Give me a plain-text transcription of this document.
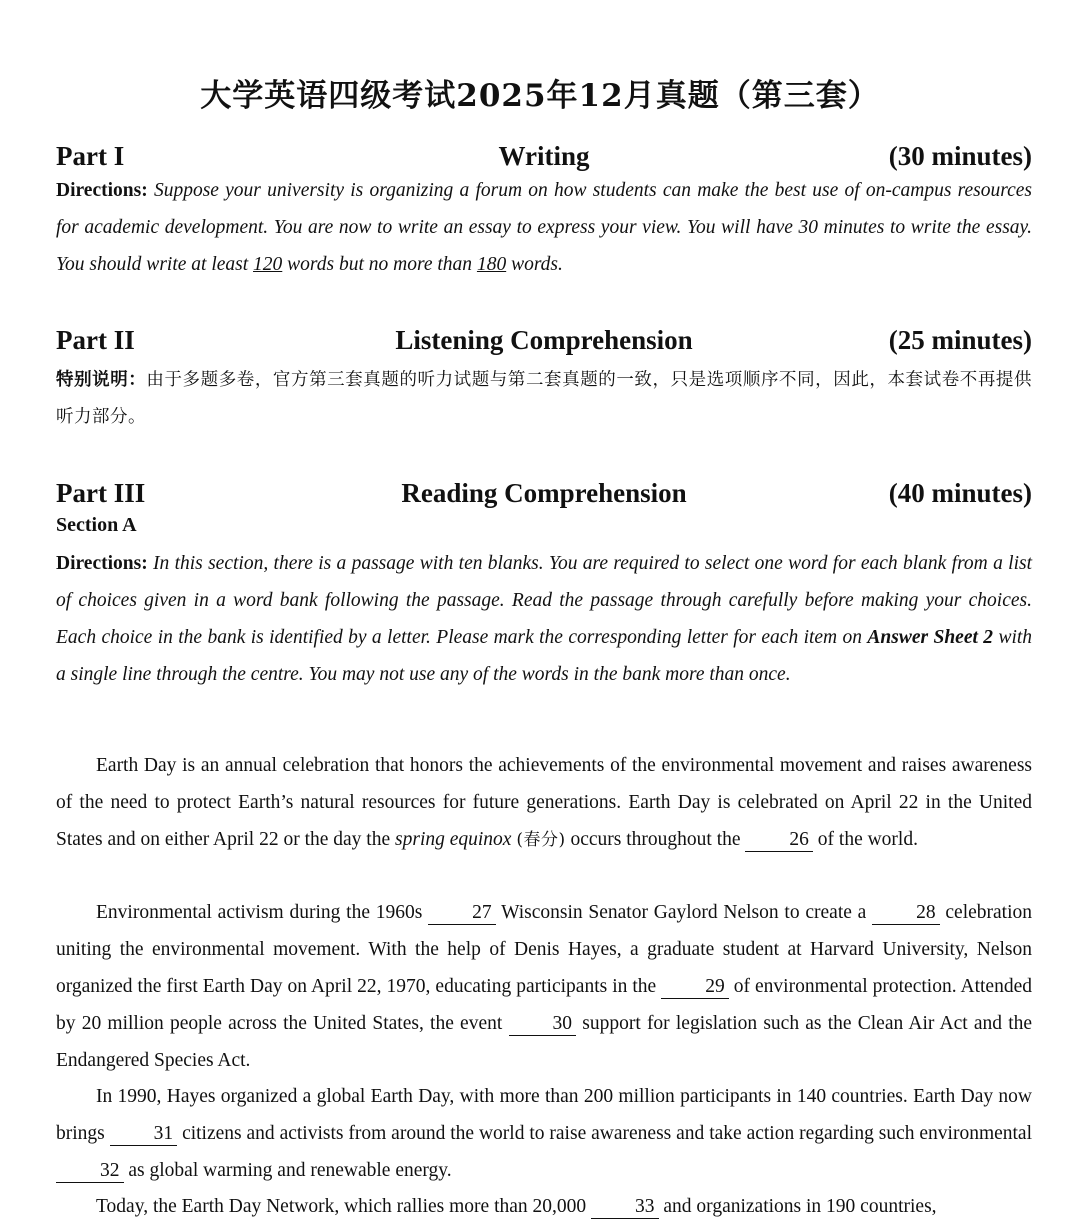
大学英语四级考试2025年12月真题（第三套）
Writing
Part I	(30 minutes)

Directions: Suppose your university is organizing a forum on how students can make the best use of on-campus resources for academic development. You are now to write an essay to express your view. You will have 30 minutes to write the essay. You should write at least 120 words but no more than 180 words.

Listening Comprehension
Part II	(25 minutes)

特别说明：由于多题多卷，官方第三套真题的听力试题与第二套真题的一致，只是选项顺序不同，因此，本套试卷不再提供听力部分。

Reading Comprehension
Part III	(40 minutes)
Section A

Directions: In this section, there is a passage with ten blanks. You are required to select one word for each blank from a list of choices given in a word bank following the passage. Read the passage through carefully before making your choices. Each choice in the bank is identified by a letter. Please mark the corresponding letter for each item on Answer Sheet 2 with a single line through the centre. You may not use any of the words in the bank more than once.

Earth Day is an annual celebration that honors the achievements of the environmental movement and raises awareness of the need to protect Earth’s natural resources for future generations. Earth Day is celebrated on April 22 in the United States and on either April 22 or the day the spring equinox (春分) occurs throughout the	26 of the world.

Environmental activism during the 1960s	27 Wisconsin Senator Gaylord Nelson to create a	28 celebration uniting the environmental movement. With the help of Denis Hayes, a graduate student at Harvard University, Nelson organized the first Earth Day on April 22, 1970, educating participants in the	29 of environmental protection. Attended by 20 million people across the United States, the event	30 support for legislation such as the Clean Air Act and the Endangered Species Act.

In 1990, Hayes organized a global Earth Day, with more than 200 million participants in 140 countries. Earth Day now brings	31 citizens and activists from around the world to raise awareness and take action regarding such environmental 32 as global warming and renewable energy.

Today, the Earth Day Network, which rallies more than 20,000	33 and organizations in 190 countries,
